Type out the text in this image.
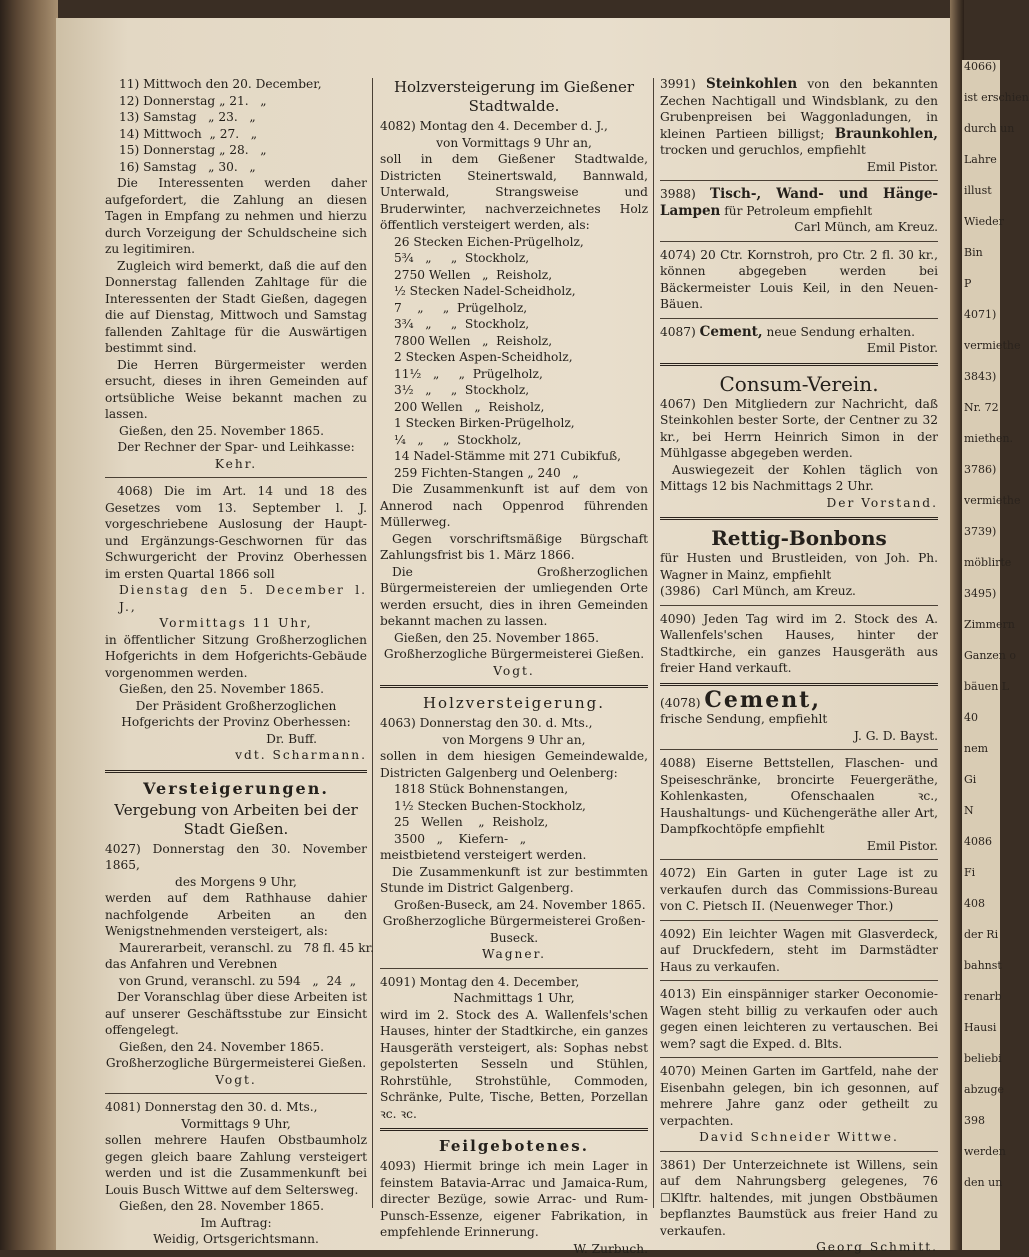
4066)
ist erschien
durch un
Lahre
illust
Wieder
Bin
P
4071)
vermiethe
3843)
Nr. 72
miethen.
3786)
vermiethe
3739)
möblirte
3495)
Zimmern
Ganzen o
bäuen L
40
nem
Gi
N
4086
Fi
408
der Ri
bahnst
renarb
Hausi
beliebi
abzuge
398
werden
den un
11) Mittwoch den 20. December,
12) Donnerstag „ 21.   „
13) Samstag   „ 23.   „
14) Mittwoch  „ 27.   „
15) Donnerstag „ 28.   „
16) Samstag   „ 30.   „

Die Interessenten werden daher aufgefordert, die Zahlung an diesen Tagen in Empfang zu nehmen und hierzu durch Vorzeigung der Schuldscheine sich zu legitimiren.

Zugleich wird bemerkt, daß die auf den Donnerstag fallenden Zahltage für die Interessenten der Stadt Gießen, dagegen die auf Dienstag, Mittwoch und Samstag fallenden Zahltage für die Auswärtigen bestimmt sind.

Die Herren Bürgermeister werden ersucht, dieses in ihren Gemeinden auf ortsübliche Weise bekannt machen zu lassen.

Gießen, den 25. November 1865.

Der Rechner der Spar- und Leihkasse:

Kehr.

4068) Die im Art. 14 und 18 des Gesetzes vom 13. September l. J. vorgeschriebene Auslosung der Haupt- und Ergänzungs-Geschwornen für das Schwurgericht der Provinz Oberhessen im ersten Quartal 1866 soll

Dienstag den 5. December l. J.,

Vormittags 11 Uhr,

in öffentlicher Sitzung Großherzoglichen Hofgerichts in dem Hofgerichts-Gebäude vorgenommen werden.

Gießen, den 25. November 1865.

Der Präsident Großherzoglichen Hofgerichts der Provinz Oberhessen:

Dr. Buff.

vdt. Scharmann.

Versteigerungen.
Vergebung von Arbeiten bei der Stadt Gießen.

4027) Donnerstag den 30. November 1865,

des Morgens 9 Uhr,

werden auf dem Rathhause dahier nachfolgende Arbeiten an den Wenigstnehmenden versteigert, als:

Maurerarbeit, veranschl. zu   78 fl. 45 kr.

das Anfahren und Verebnen

von Grund, veranschl. zu 594   „  24  „

Der Voranschlag über diese Arbeiten ist auf unserer Geschäftsstube zur Einsicht offengelegt.

Gießen, den 24. November 1865.

Großherzogliche Bürgermeisterei Gießen.

Vogt.

4081) Donnerstag den 30. d. Mts.,

Vormittags 9 Uhr,

sollen mehrere Haufen Obstbaumholz gegen gleich baare Zahlung versteigert werden und ist die Zusammenkunft bei Louis Busch Wittwe auf dem Seltersweg.

Gießen, den 28. November 1865.

Im Auftrag:

Weidig, Ortsgerichtsmann.

Holzversteigerung im Gießener Stadtwalde.

4082) Montag den 4. December d. J.,

von Vormittags 9 Uhr an,

soll in dem Gießener Stadtwalde, Districten Steinertswald, Bannwald, Unterwald, Strangsweise und Bruderwinter, nachverzeichnetes Holz öffentlich versteigert werden, als:

26 Stecken Eichen-Prügelholz,
5¾   „     „  Stockholz,
2750 Wellen   „  Reisholz,
½ Stecken Nadel-Scheidholz,
7    „     „  Prügelholz,
3¾   „     „  Stockholz,
7800 Wellen   „  Reisholz,
2 Stecken Aspen-Scheidholz,
11½   „     „  Prügelholz,
3½   „     „  Stockholz,
200 Wellen   „  Reisholz,
1 Stecken Birken-Prügelholz,
¼   „     „  Stockholz,
14 Nadel-Stämme mit 271 Cubikfuß,
259 Fichten-Stangen „ 240   „

Die Zusammenkunft ist auf dem von Annerod nach Oppenrod führenden Müllerweg.

Gegen vorschriftsmäßige Bürgschaft Zahlungsfrist bis 1. März 1866.

Die Großherzoglichen Bürgermeistereien der umliegenden Orte werden ersucht, dies in ihren Gemeinden bekannt machen zu lassen.

Gießen, den 25. November 1865.

Großherzogliche Bürgermeisterei Gießen.

Vogt.

Holzversteigerung.

4063) Donnerstag den 30. d. Mts.,

von Morgens 9 Uhr an,

sollen in dem hiesigen Gemeindewalde, Districten Galgenberg und Oelenberg:

1818 Stück Bohnenstangen,
1½ Stecken Buchen-Stockholz,
25   Wellen    „  Reisholz,
3500   „    Kiefern-   „

meistbietend versteigert werden.

Die Zusammenkunft ist zur bestimmten Stunde im District Galgenberg.

Großen-Buseck, am 24. November 1865.

Großherzogliche Bürgermeisterei Großen-Buseck.

Wagner.

4091) Montag den 4. December,

Nachmittags 1 Uhr,

wird im 2. Stock des A. Wallenfels'schen Hauses, hinter der Stadtkirche, ein ganzes Hausgeräth versteigert, als: Sophas nebst gepolsterten Sesseln und Stühlen, Rohrstühle, Strohstühle, Commoden, Schränke, Pulte, Tische, Betten, Porzellan ꝛc. ꝛc.

Feilgebotenes.

4093) Hiermit bringe ich mein Lager in feinstem Batavia-Arrac und Jamaica-Rum, directer Bezüge, sowie Arrac- und Rum-Punsch-Essenze, eigener Fabrikation, in empfehlende Erinnerung.

W. Zurbuch.

3991) Steinkohlen von den bekannten Zechen Nachtigall und Windsblank, zu den Grubenpreisen bei Waggonladungen, in kleinen Partieen billigst; Braunkohlen, trocken und geruchlos, empfiehlt

Emil Pistor.

3988) Tisch-, Wand- und Hänge-Lampen für Petroleum empfiehlt

Carl Münch, am Kreuz.

4074) 20 Ctr. Kornstroh, pro Ctr. 2 fl. 30 kr., können abgegeben werden bei Bäckermeister Louis Keil, in den Neuen-Bäuen.

4087) Cement, neue Sendung erhalten.

Emil Pistor.

Consum-Verein.

4067) Den Mitgliedern zur Nachricht, daß Steinkohlen bester Sorte, der Centner zu 32 kr., bei Herrn Heinrich Simon in der Mühlgasse abgegeben werden.

Auswiegezeit der Kohlen täglich von Mittags 12 bis Nachmittags 2 Uhr.

Der Vorstand.

Rettig-Bonbons

für Husten und Brustleiden, von Joh. Ph. Wagner in Mainz, empfiehlt

(3986)   Carl Münch, am Kreuz.

4090) Jeden Tag wird im 2. Stock des A. Wallenfels'schen Hauses, hinter der Stadtkirche, ein ganzes Hausgeräth aus freier Hand verkauft.

(4078) Cement,

frische Sendung, empfiehlt

J. G. D. Bayst.

4088) Eiserne Bettstellen, Flaschen- und Speiseschränke, broncirte Feuergeräthe, Kohlenkasten, Ofenschaalen ꝛc., Haushaltungs- und Küchengeräthe aller Art, Dampfkochtöpfe empfiehlt

Emil Pistor.

4072) Ein Garten in guter Lage ist zu verkaufen durch das Commissions-Bureau von C. Pietsch II. (Neuenweger Thor.)

4092) Ein leichter Wagen mit Glasverdeck, auf Druckfedern, steht im Darmstädter Haus zu verkaufen.

4013) Ein einspänniger starker Oeconomie-Wagen steht billig zu verkaufen oder auch gegen einen leichteren zu vertauschen. Bei wem? sagt die Exped. d. Blts.

4070) Meinen Garten im Gartfeld, nahe der Eisenbahn gelegen, bin ich gesonnen, auf mehrere Jahre ganz oder getheilt zu verpachten.

David Schneider Wittwe.

3861) Der Unterzeichnete ist Willens, sein auf dem Nahrungsberg gelegenes, 76 ☐Klftr. haltendes, mit jungen Obstbäumen bepflanztes Baumstück aus freier Hand zu verkaufen.

Georg Schmitt.
